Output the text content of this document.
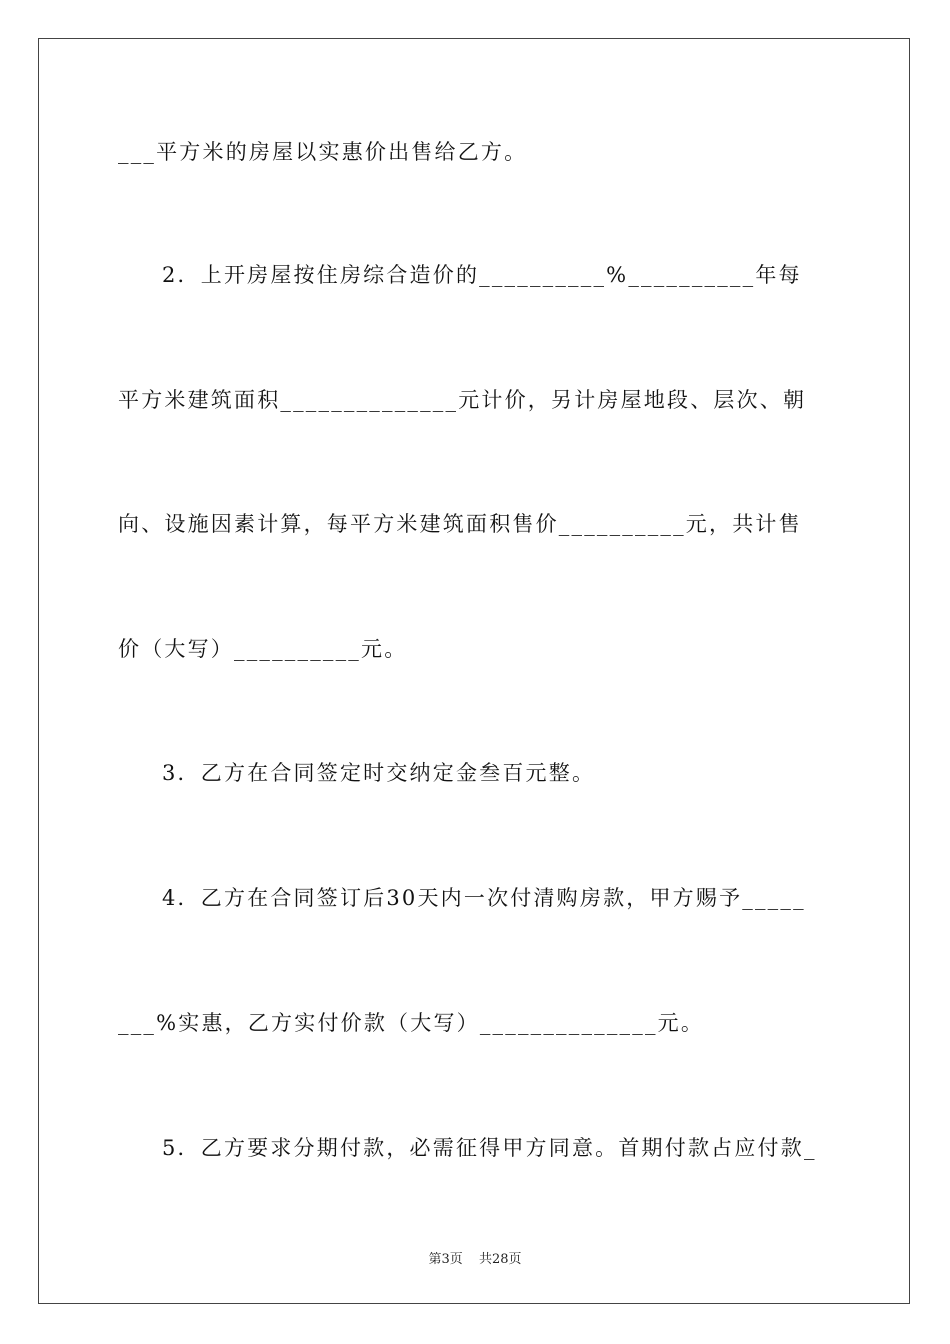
___平方米的房屋以实惠价出售给乙方。
2．上开房屋按住房综合造价的__________%__________年每
平方米建筑面积______________元计价，另计房屋地段、层次、朝
向、设施因素计算，每平方米建筑面积售价__________元，共计售
价（大写）__________元。
3．乙方在合同签定时交纳定金叁百元整。
4．乙方在合同签订后30天内一次付清购房款，甲方赐予_____
___%实惠，乙方实付价款（大写）______________元。
5．乙方要求分期付款，必需征得甲方同意。首期付款占应付款_
第3页 共28页
